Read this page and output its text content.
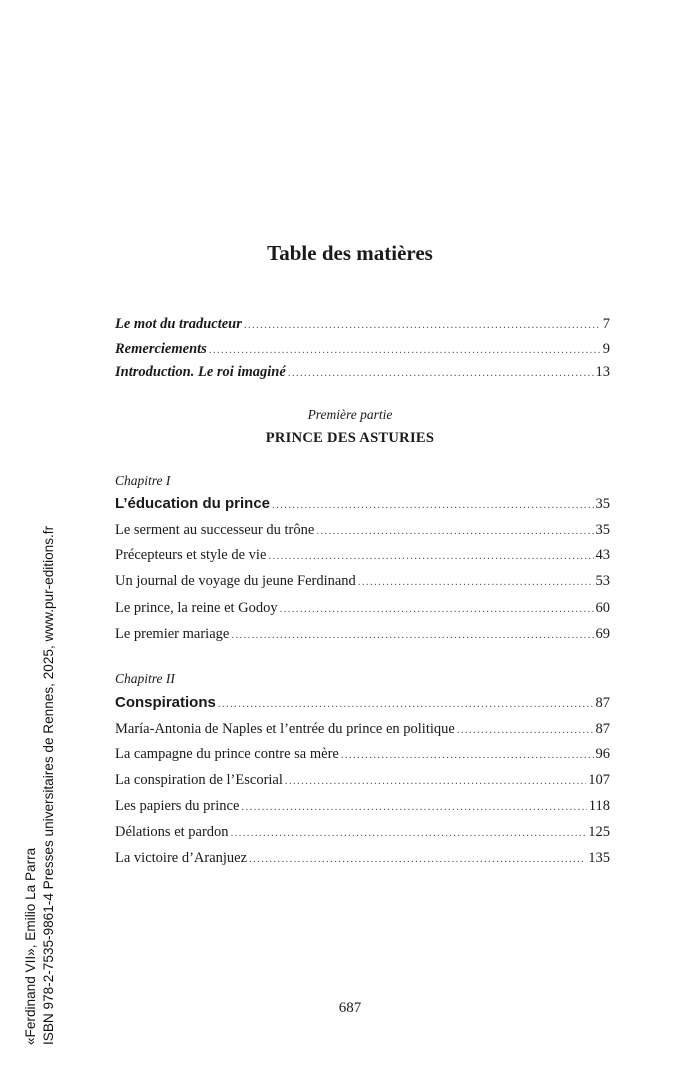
Table des matières
Le mot du traducteur .....	7
Remerciements .....	9
Introduction. Le roi imaginé .....	13
Première partie
PRINCE DES ASTURIES
Chapitre I
L’éducation du prince .....	35
Le serment au successeur du trône .....	35
Précepteurs et style de vie .....	43
Un journal de voyage du jeune Ferdinand .....	53
Le prince, la reine et Godoy .....	60
Le premier mariage .....	69
Chapitre II
Conspirations .....	87
María-Antonia de Naples et l’entrée du prince en politique .....	87
La campagne du prince contre sa mère .....	96
La conspiration de l’Escorial .....	107
Les papiers du prince .....	118
Délations et pardon .....	125
La victoire d’Aranjuez .....	135
687
«Ferdinand VII», Emilio La Parra ISBN 978-2-7535-9861-4 Presses universitaires de Rennes, 2025, www.pur-editions.fr
